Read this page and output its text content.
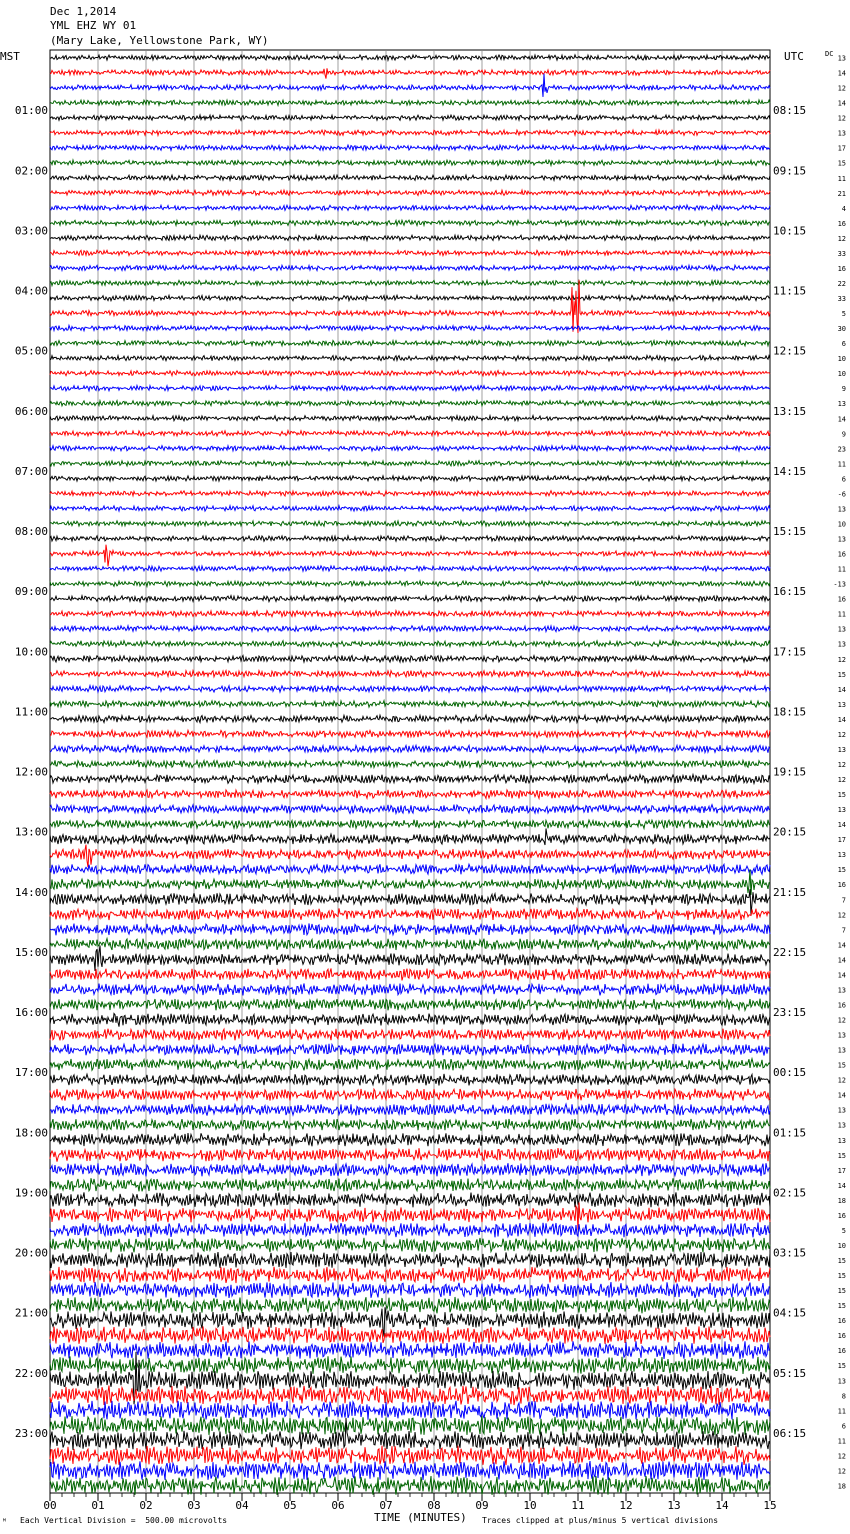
Dec 1,2014
YML EHZ WY 01
(Mary Lake, Yellowstone Park, WY)
00	01	02	03	04	05	06	07	08	09	10	11	12	13	14	15
MST	UTC	DC
01:00
02:00
03:00
04:00
05:00
06:00
07:00
08:00
09:00
10:00
11:00
12:00
13:00
14:00
15:00
16:00
17:00
18:00
19:00
20:00
21:00
22:00
23:00
08:15
09:15
10:15
11:15
12:15
13:15
14:15
15:15
16:15
17:15
18:15
19:15
20:15
21:15
22:15
23:15
00:15
01:15
02:15
03:15
04:15
05:15
06:15
13
14
12
14
12
13
17
15
11
21
4
16
12
33
16
22
33
5
30
6
10
10
9
13
14
9
23
11
6
-6
13
10
13
16
11
-13
16
11
13
13
12
15
14
13
14
12
13
12
12
15
13
14
17
13
15
16
7
12
7
14
14
14
13
16
12
13
13
15
12
14
13
13
13
15
17
14
18
16
5
10
15
15
15
15
16
16
16
15
13
8
11
6
11
12
12
18
ᴹ Each Vertical Division =  500.00 microvolts	TIME (MINUTES) Traces clipped at plus/minus 5 vertical divisions
